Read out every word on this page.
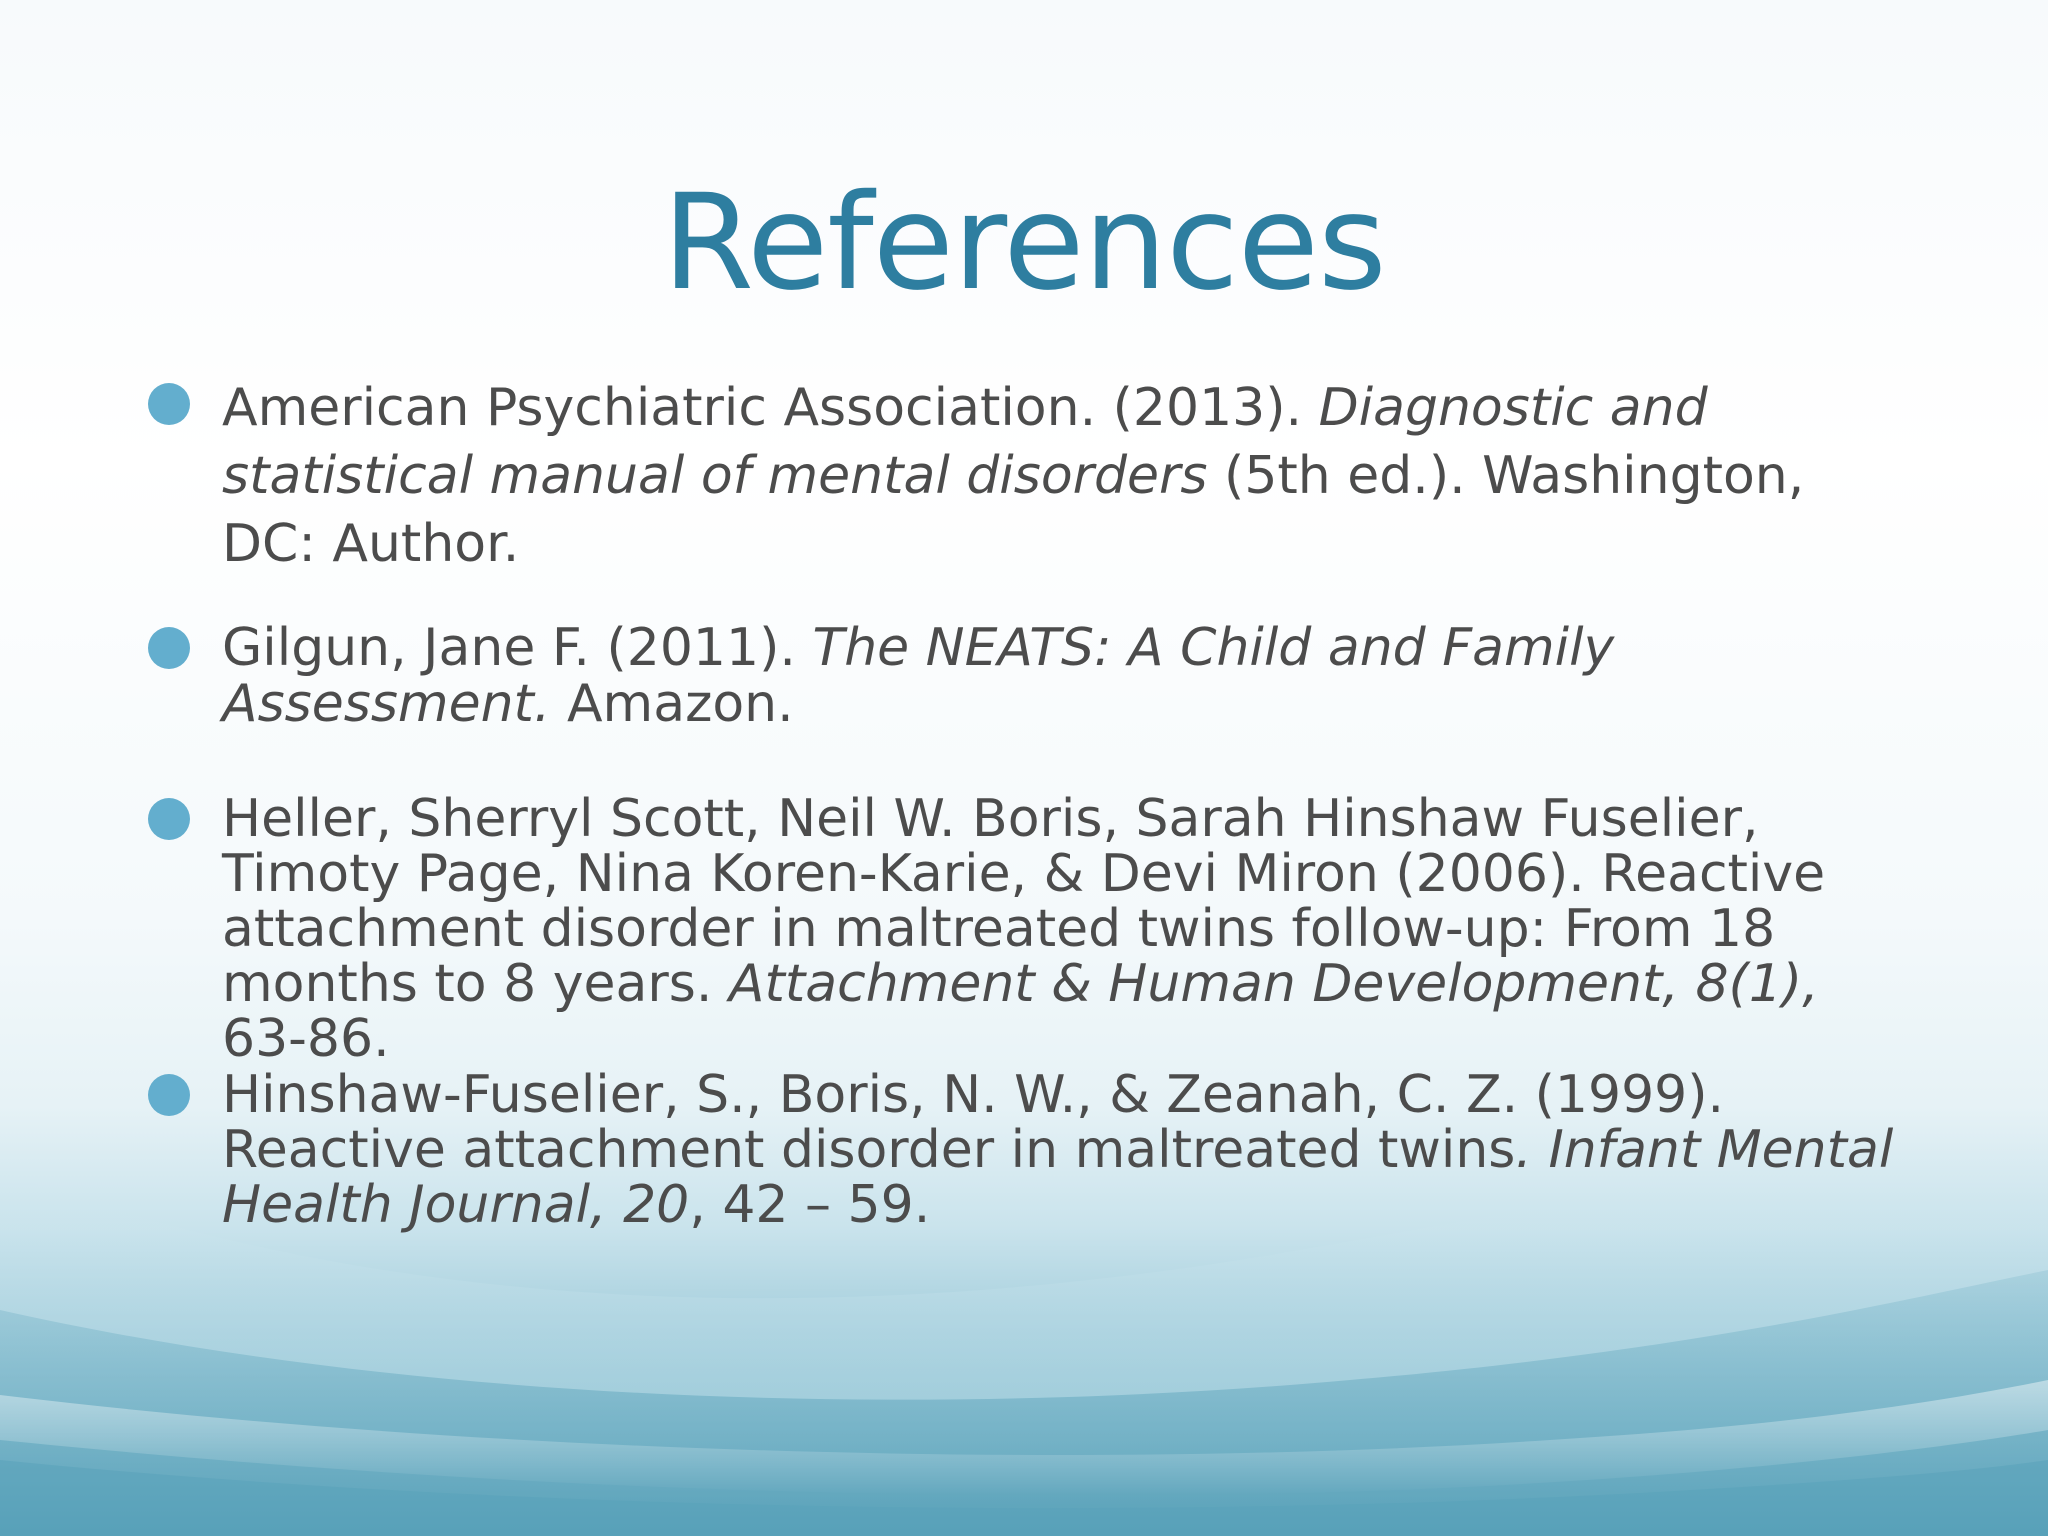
References
American Psychiatric Association. (2013). Diagnostic and statistical manual of mental disorders (5th ed.). Washington, DC: Author.
Gilgun, Jane F. (2011). The NEATS: A Child and Family Assessment. Amazon.
Heller, Sherryl Scott, Neil W. Boris, Sarah Hinshaw Fuselier, Timoty Page, Nina Koren-Karie, & Devi Miron (2006). Reactive attachment disorder in maltreated twins follow-up: From 18 months to 8 years. Attachment & Human Development, 8(1), 63-86.
Hinshaw-Fuselier, S., Boris, N. W., & Zeanah, C. Z. (1999). Reactive attachment disorder in maltreated twins. Infant Mental Health Journal, 20, 42 – 59.
